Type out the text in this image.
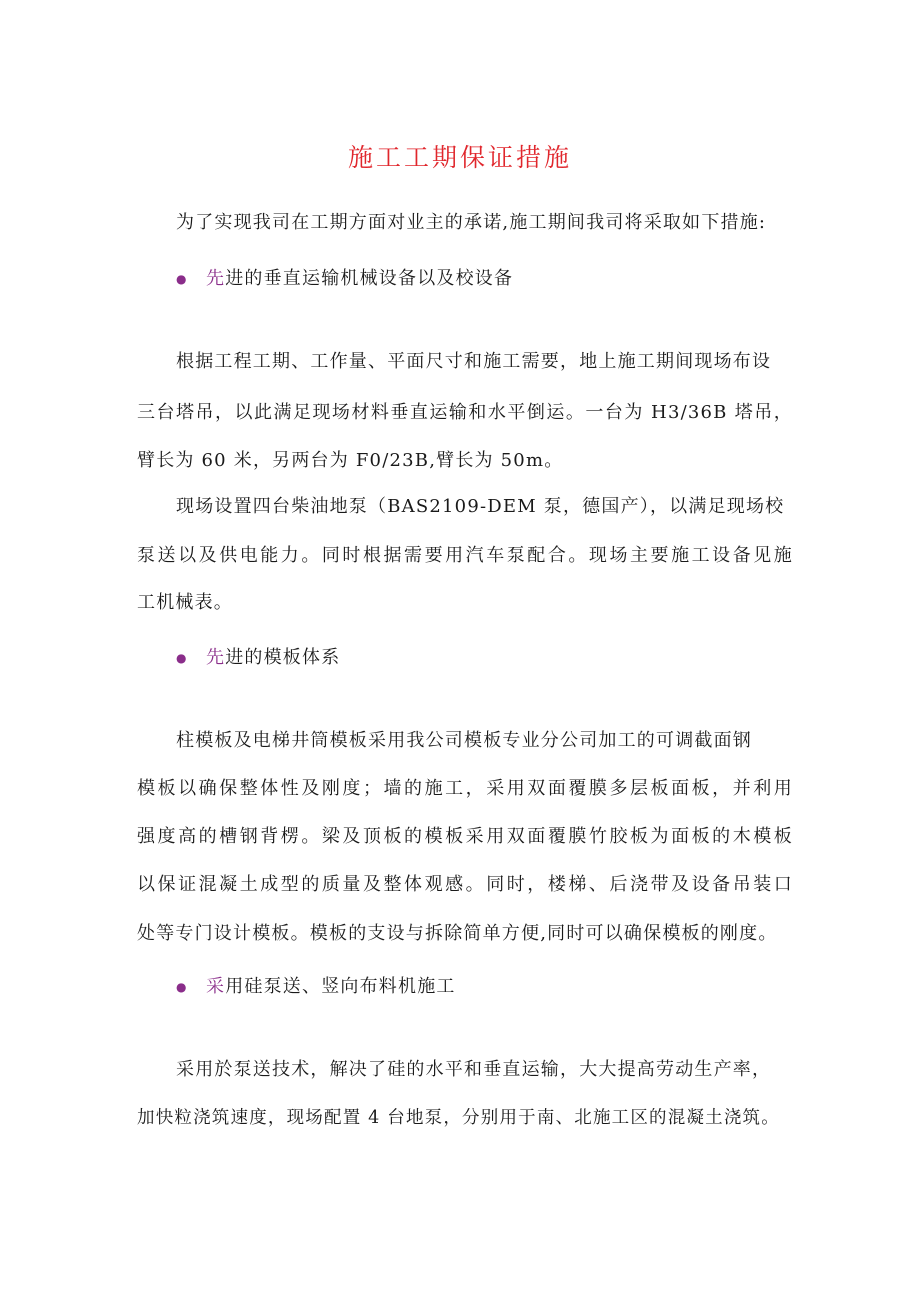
施工工期保证措施
为了实现我司在工期方面对业主的承诺,施工期间我司将采取如下措施:
● 先进的垂直运输机械设备以及校设备
根据工程工期、工作量、平面尺寸和施工需要，地上施工期间现场布设
三台塔吊，以此满足现场材料垂直运输和水平倒运。一台为 H3/36B 塔吊，
臂长为 60 米，另两台为 F0/23B,臂长为 50m。
现场设置四台柴油地泵（BAS2109-DEM 泵，德国产），以满足现场校
泵送以及供电能力。同时根据需要用汽车泵配合。现场主要施工设备见施
工机械表。
● 先进的模板体系
柱模板及电梯井筒模板采用我公司模板专业分公司加工的可调截面钢
模板以确保整体性及刚度；墙的施工，采用双面覆膜多层板面板，并利用
强度高的槽钢背楞。梁及顶板的模板采用双面覆膜竹胶板为面板的木模板
以保证混凝土成型的质量及整体观感。同时，楼梯、后浇带及设备吊装口
处等专门设计模板。模板的支设与拆除简单方便,同时可以确保模板的刚度。
● 采用硅泵送、竖向布料机施工
采用於泵送技术，解决了硅的水平和垂直运输，大大提高劳动生产率，
加快粒浇筑速度，现场配置 4 台地泵，分别用于南、北施工区的混凝土浇筑。
